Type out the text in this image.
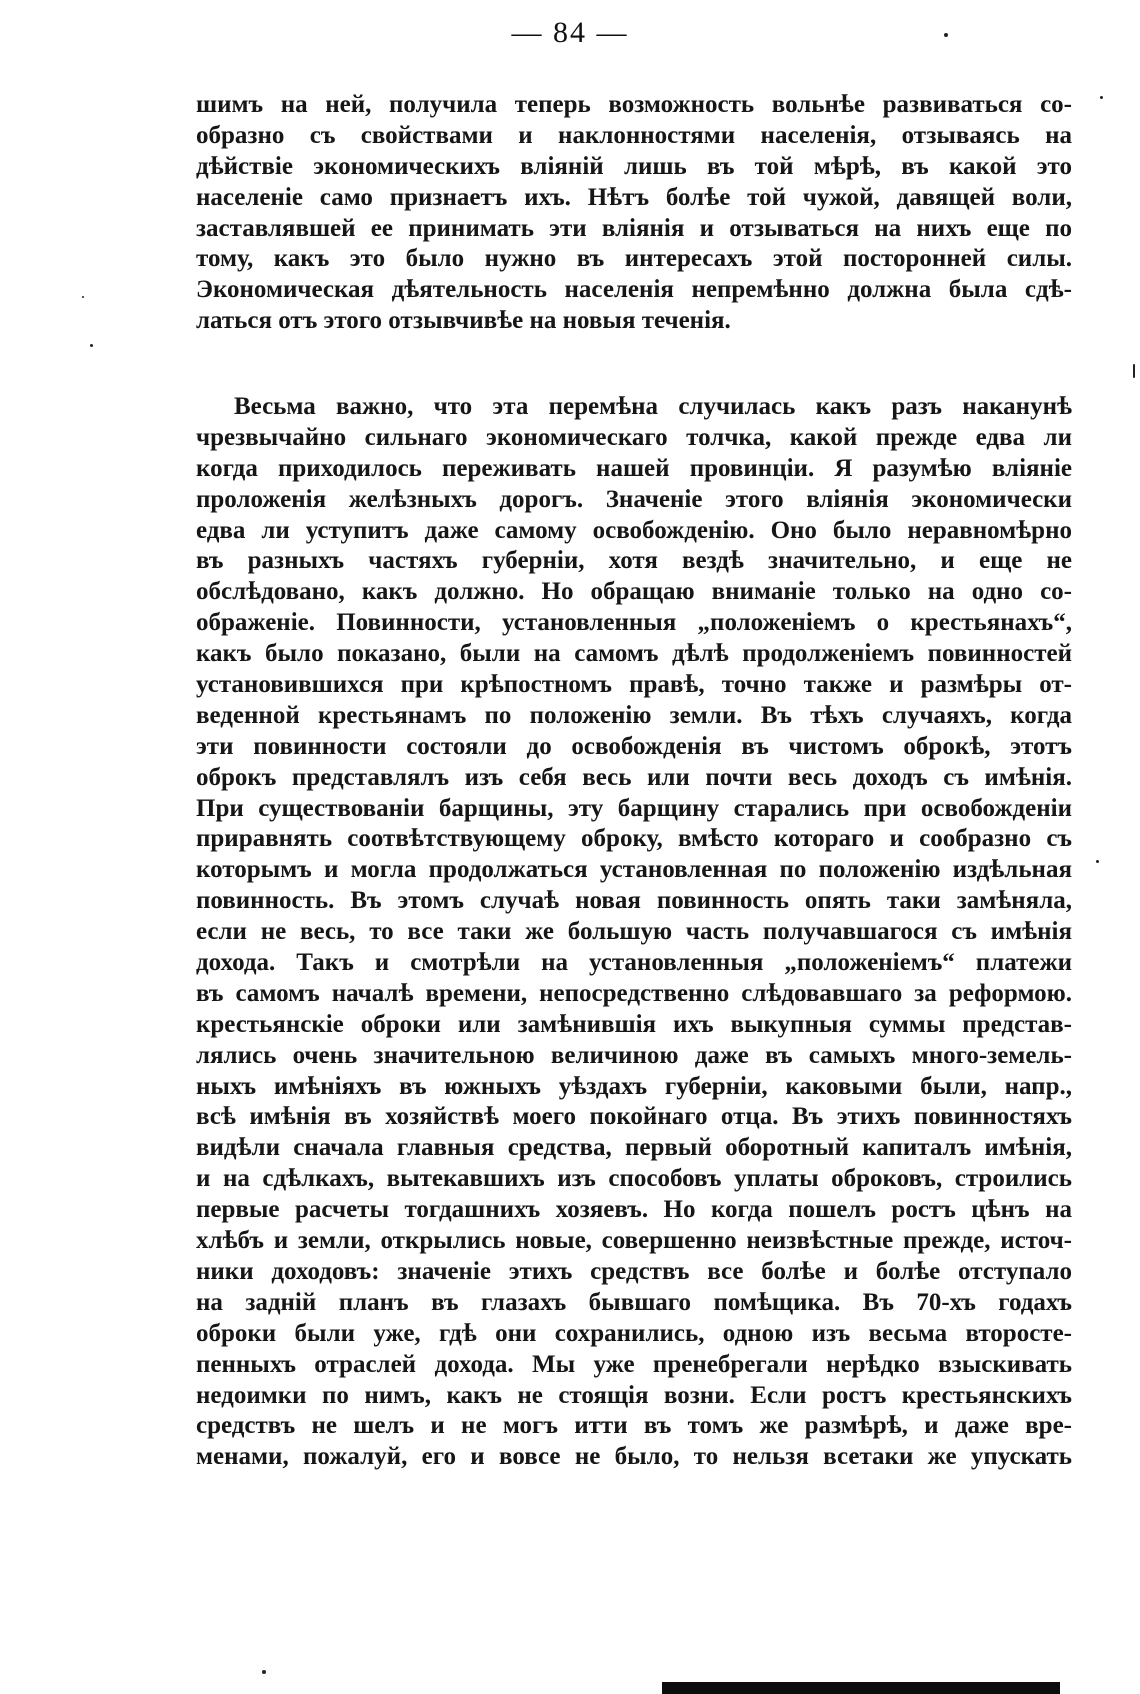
— 84 —
шимъ на ней, получила теперь возможность вольнѣе развиваться со-
образно съ свойствами и наклонностями населенія, отзываясь на
дѣйствіе экономическихъ вліяній лишь въ той мѣрѣ, въ какой это
населеніе само признаетъ ихъ. Нѣтъ болѣе той чужой, давящей воли,
заставлявшей ее принимать эти вліянія и отзываться на нихъ еще по
тому, какъ это было нужно въ интересахъ этой посторонней силы.
Экономическая дѣятельность населенія непремѣнно должна была сдѣ-
латься отъ этого отзывчивѣе на новыя теченія.
Весьма важно, что эта перемѣна случилась какъ разъ наканунѣ
чрезвычайно сильнаго экономическаго толчка, какой прежде едва ли
когда приходилось переживать нашей провинціи. Я разумѣю вліяніе
проложенія желѣзныхъ дорогъ. Значеніе этого вліянія экономически
едва ли уступитъ даже самому освобожденію. Оно было неравномѣрно
въ разныхъ частяхъ губерніи, хотя вездѣ значительно, и еще не
обслѣдовано, какъ должно. Но обращаю вниманіе только на одно со-
ображеніе. Повинности, установленныя „положеніемъ о крестьянахъ“,
какъ было показано, были на самомъ дѣлѣ продолженіемъ повинностей
установившихся при крѣпостномъ правѣ, точно также и размѣры от-
веденной крестьянамъ по положенію земли. Въ тѣхъ случаяхъ, когда
эти повинности состояли до освобожденія въ чистомъ оброкѣ, этотъ
оброкъ представлялъ изъ себя весь или почти весь доходъ съ имѣнія.
При существованіи барщины, эту барщину старались при освобожденіи
приравнять соотвѣтствующему оброку, вмѣсто котораго и сообразно съ
которымъ и могла продолжаться установленная по положенію издѣльная
повинность. Въ этомъ случаѣ новая повинность опять таки замѣняла,
если не весь, то все таки же большую часть получавшагося съ имѣнія
дохода. Такъ и смотрѣли на установленныя „положеніемъ“ платежи
въ самомъ началѣ времени, непосредственно слѣдовавшаго за реформою.
крестьянскіе оброки или замѣнившія ихъ выкупныя суммы представ-
лялись очень значительною величиною даже въ самыхъ много-земель-
ныхъ имѣніяхъ въ южныхъ уѣздахъ губерніи, каковыми были, напр.,
всѣ имѣнія въ хозяйствѣ моего покойнаго отца. Въ этихъ повинностяхъ
видѣли сначала главныя средства, первый оборотный капиталъ имѣнія,
и на сдѣлкахъ, вытекавшихъ изъ способовъ уплаты оброковъ, строились
первые расчеты тогдашнихъ хозяевъ. Но когда пошелъ ростъ цѣнъ на
хлѣбъ и земли, открылись новые, совершенно неизвѣстные прежде, источ-
ники доходовъ: значеніе этихъ средствъ все болѣе и болѣе отступало
на задній планъ въ глазахъ бывшаго помѣщика. Въ 70-хъ годахъ
оброки были уже, гдѣ они сохранились, одною изъ весьма второсте-
пенныхъ отраслей дохода. Мы уже пренебрегали нерѣдко взыскивать
недоимки по нимъ, какъ не стоящія возни. Если ростъ крестьянскихъ
средствъ не шелъ и не могъ итти въ томъ же размѣрѣ, и даже вре-
менами, пожалуй, его и вовсе не было, то нельзя всетаки же упускать
